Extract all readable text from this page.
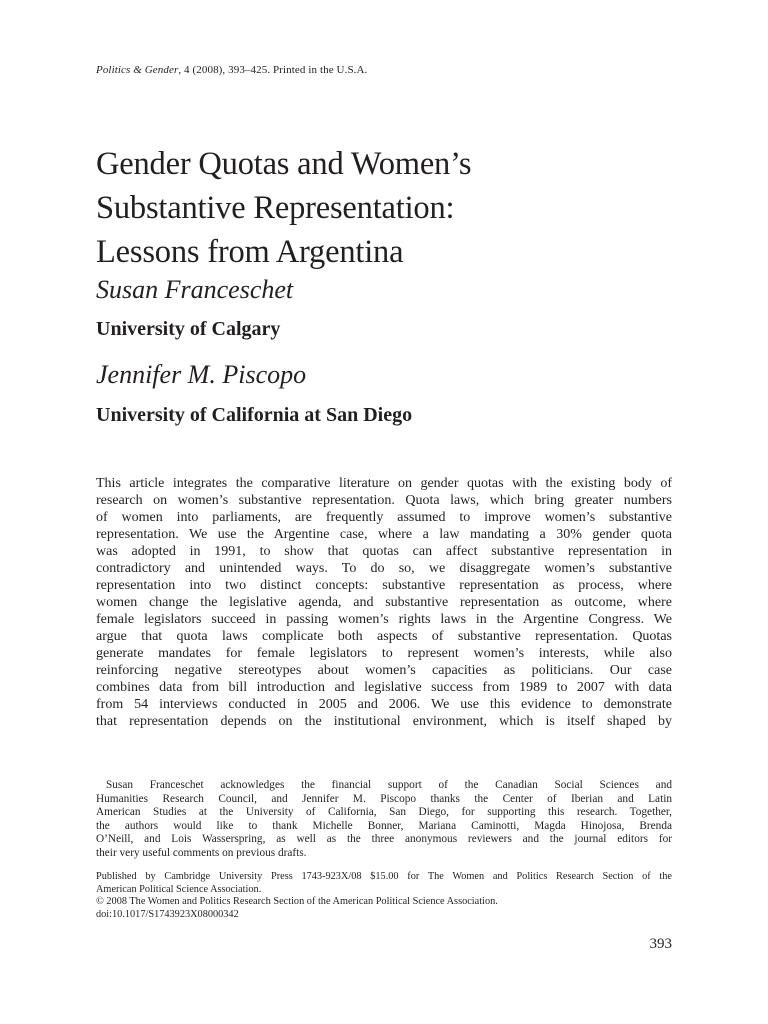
Politics & Gender, 4 (2008), 393–425. Printed in the U.S.A.
Gender Quotas and Women’s
Substantive Representation:
Lessons from Argentina

Susan Franceschet

University of Calgary

Jennifer M. Piscopo

University of California at San Diego

This article integrates the comparative literature on gender quotas with the existing body of
research on women’s substantive representation. Quota laws, which bring greater numbers
of women into parliaments, are frequently assumed to improve women’s substantive
representation. We use the Argentine case, where a law mandating a 30% gender quota
was adopted in 1991, to show that quotas can affect substantive representation in
contradictory and unintended ways. To do so, we disaggregate women’s substantive
representation into two distinct concepts: substantive representation as process, where
women change the legislative agenda, and substantive representation as outcome, where
female legislators succeed in passing women’s rights laws in the Argentine Congress. We
argue that quota laws complicate both aspects of substantive representation. Quotas
generate mandates for female legislators to represent women’s interests, while also
reinforcing negative stereotypes about women’s capacities as politicians. Our case
combines data from bill introduction and legislative success from 1989 to 2007 with data
from 54 interviews conducted in 2005 and 2006. We use this evidence to demonstrate
that representation depends on the institutional environment, which is itself shaped by
Susan Franceschet acknowledges the financial support of the Canadian Social Sciences and
Humanities Research Council, and Jennifer M. Piscopo thanks the Center of Iberian and Latin
American Studies at the University of California, San Diego, for supporting this research. Together,
the authors would like to thank Michelle Bonner, Mariana Caminotti, Magda Hinojosa, Brenda
O’Neill, and Lois Wasserspring, as well as the three anonymous reviewers and the journal editors for
their very useful comments on previous drafts.
Published by Cambridge University Press 1743-923X/08 $15.00 for The Women and Politics Research Section of the
American Political Science Association.
© 2008 The Women and Politics Research Section of the American Political Science Association.
doi:10.1017/S1743923X08000342
393
